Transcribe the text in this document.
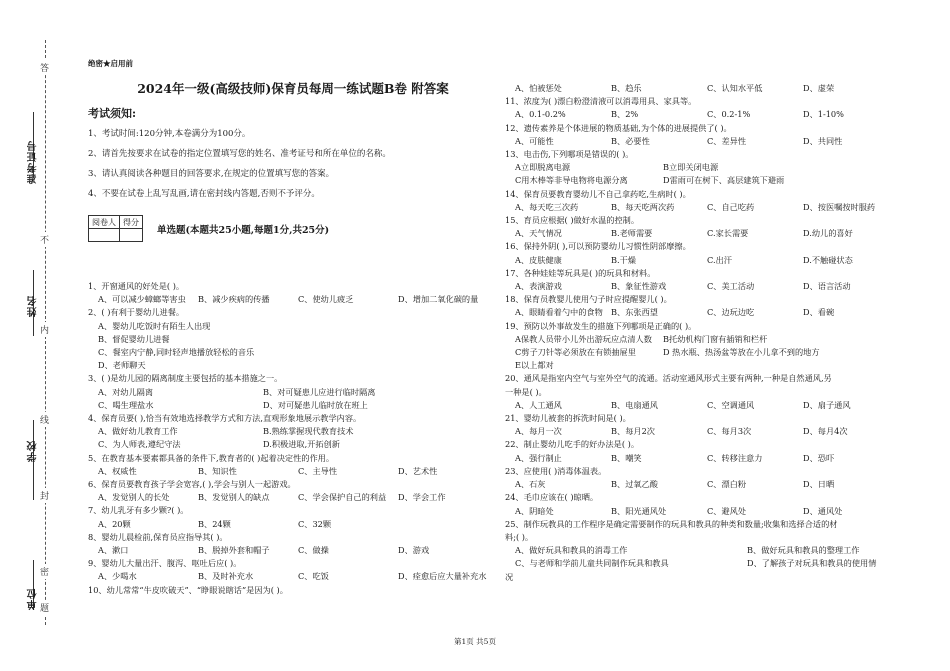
准考证号
姓名
学校
单位
答
不
内
线
封
密
题
绝密★启用前
2024年一级(高级技师)保育员每周一练试题B卷 附答案
考试须知:
1、考试时间:120分钟,本卷满分为100分。
2、请首先按要求在试卷的指定位置填写您的姓名、准考证号和所在单位的名称。
3、请认真阅读各种题目的回答要求,在规定的位置填写您的答案。
4、不要在试卷上乱写乱画,请在密封线内答题,否则不予评分。
阅卷人	得分

单选题(本题共25小题,每题1分,共25分)
1、开窗通风的好处是( )。
A、可以减少蟑螂等害虫 B、减少疾病的传播	C、使幼儿疲乏	D、增加二氧化碳的量
2、( )有利于婴幼儿进餐。
A、婴幼儿吃饭时有陌生人出现
B、督促婴幼儿进餐
C、餐室内宁静,同时轻声地播放轻松的音乐
D、老师聊天
3、( )是幼儿园的隔离制度主要包括的基本措施之一。
A、对幼儿隔离	B、对可疑患儿应进行临时隔离
C、喝生理盐水	D、对可疑患儿临时放在班上
4、保育员要( ),恰当有效地选择教学方式和方法,直观形象地展示教学内容。
A、做好幼儿教育工作	B.熟练掌握现代教育技术
C、为人师表,遵纪守法	D.积极进取,开拓创新
5、在教育基本要素都具备的条件下,教育者的( )起着决定性的作用。
A、权威性	B、知识性	C、主导性	D、艺术性
6、保育员要教育孩子学会宽容,( ),学会与别人一起游戏。
A、发觉别人的长处	B、发觉别人的缺点	C、学会保护自己的利益 D、学会工作
7、幼儿乳牙有多少颗?( )。
A、20颗	B、24颗	C、32颗
8、婴幼儿晨检前,保育员应指导其( )。
A、漱口	B、脱掉外套和帽子	C、做操	D、游戏
9、婴幼儿大量出汗、腹泻、呕吐后应( )。
A、少喝水	B、及时补充水	C、吃饭	D、痊愈后应大量补充水
10、幼儿常常“牛皮吹破天”、“睁眼说瞎话”是因为( )。
A、怕被惩处	B、趋乐	C、认知水平低	D、虚荣
11、浓度为( )漂白粉澄清液可以消毒用具、家具等。
A、0.1-0.2%	B、2%	C、0.2-1%	D、1-10%
12、遗传素养是个体进展的物质基础,为个体的进展提供了( )。
A、可能性	B、必要性	C、差异性	D、共同性
13、电击伤,下列哪项是错误的( )。
A立即脱离电源	B立即关闭电源
C用木棒等非导电物将电源分离	D雷雨可在树下、高层建筑下避雨
14、保育员要教育婴幼儿不自己拿药吃,生病时( )。
A、每天吃三次药	B、每天吃两次药	C、自己吃药	D、按医嘱按时服药
15、育员应根据( )做好水温的控制。
A、天气情况	B.老师需要	C.家长需要	D.幼儿的喜好
16、保持外阴( ),可以预防婴幼儿习惯性阴部摩擦。
A、皮肤健康	B.干燥	C.出汗	D.不触碰状态
17、各种娃娃等玩具是( )的玩具和材料。
A、表演游戏	B、象征性游戏	C、美工活动	D、语言活动
18、保育员教婴儿使用勺子时应提醒婴儿( )。
A、眼睛看着勺中的食物 B、东张西望	C、边玩边吃	D、看碗
19、预防以外事故发生的措施下列哪项是正确的( )。
A保教人员带小儿外出游玩应点清人数 B托幼机构门窗有插销和栏杆
C剪子刀针等必须放在有锁抽屉里	D 热水瓶、热汤盆等放在小儿拿不到的地方
E以上都对
20、通风是指室内空气与室外空气的流通。活动室通风形式主要有两种,一种是自然通风,另
一种是( )。
A、人工通风	B、电扇通风	C、空调通风	D、扇子通风
21、婴幼儿被套的拆洗时间是( )。
A、每月一次	B、每月2次	C、每月3次	D、每月4次
22、制止婴幼儿吃手的好办法是( )。
A、强行制止	B、嘲笑	C、转移注意力	D、恐吓
23、应使用( )消毒体温表。
A、石灰	B、过氧乙酸	C、漂白粉	D、日晒
24、毛巾应该在( )晾晒。
A、阴暗处	B、阳光通风处	C、避风处	D、通风处
25、制作玩教具的工作程序是确定需要制作的玩具和教具的种类和数量;收集和选择合适的材
料;( )。
A、做好玩具和教具的消毒工作	B、做好玩具和教具的整理工作
C、与老师和学前儿童共同制作玩具和教具	D、了解孩子对玩具和教具的使用情
况
第1页 共5页
